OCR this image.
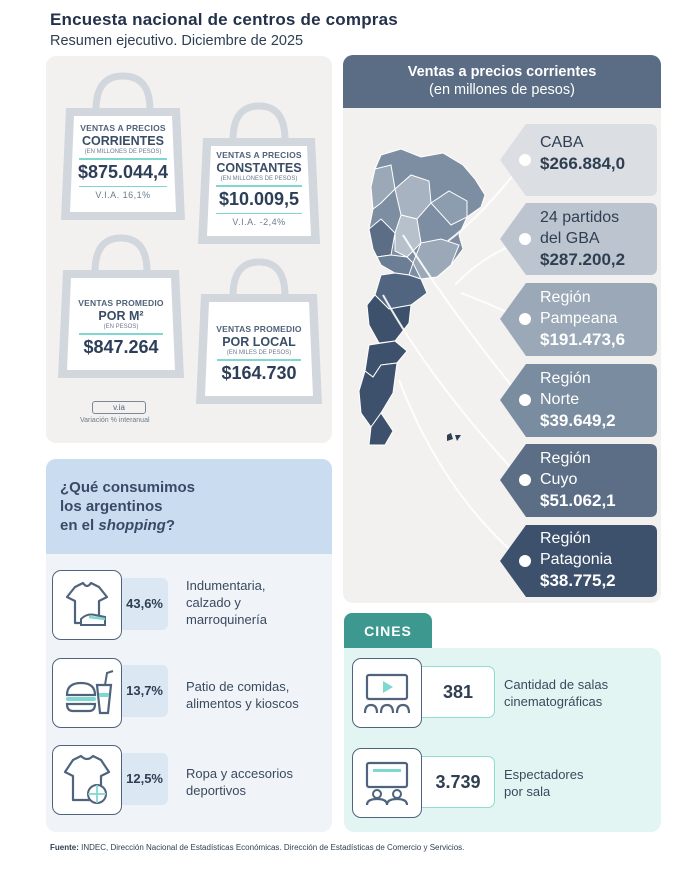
Encuesta nacional de centros de compras
Resumen ejecutivo. Diciembre de 2025
VENTAS A PRECIOS
CORRIENTES
(EN MILLONES DE PESOS)
$875.044,4
V.I.A. 16,1%
VENTAS A PRECIOS
CONSTANTES
(EN MILLONES DE PESOS)
$10.009,5
V.I.A. -2,4%
VENTAS PROMEDIO
POR M²
(EN PESOS)
$847.264
VENTAS PROMEDIO
POR LOCAL
(EN MILES DE PESOS)
$164.730
v.ia
Variación % interanual
¿Qué consumimos
los argentinos
en el shopping?
43,6%
Indumentaria,
calzado y
marroquinería
13,7%	Patio de comidas,
alimentos y kioscos
12,5%	Ropa y accesorios
deportivos
Ventas a precios corrientes
(en millones de pesos)
CABA
$266.884,0
24 partidos
del GBA
$287.200,2
Región
Pampeana
$191.473,6
Región
Norte
$39.649,2
Región
Cuyo
$51.062,1
Región
Patagonia
$38.775,2
CINES
381	Cantidad de salas
cinematográficas
3.739	Espectadores
por sala
Fuente: INDEC, Dirección Nacional de Estadísticas Económicas. Dirección de Estadísticas de Comercio y Servicios.
